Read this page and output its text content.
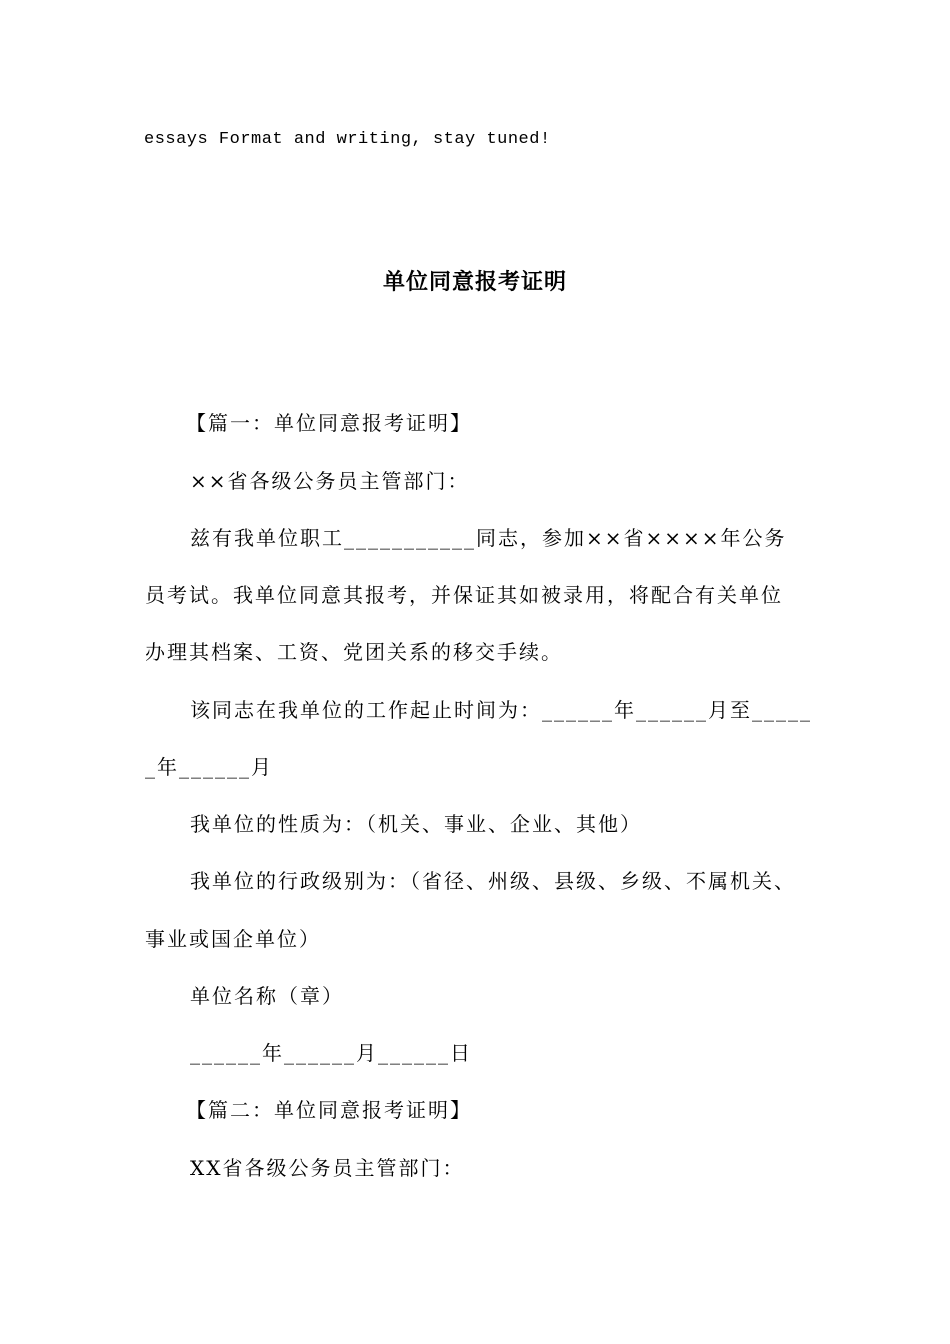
essays Format and writing, stay tuned!
单位同意报考证明
【篇一：单位同意报考证明】
××省各级公务员主管部门：
兹有我单位职工___________同志，参加××省××××年公务
员考试。我单位同意其报考，并保证其如被录用，将配合有关单位
办理其档案、工资、党团关系的移交手续。
该同志在我单位的工作起止时间为：______年______月至_____
_年______月
我单位的性质为：（机关、事业、企业、其他）
我单位的行政级别为：（省径、州级、县级、乡级、不属机关、
事业或国企单位）
单位名称（章）
______年______月______日
【篇二：单位同意报考证明】
XX省各级公务员主管部门：
